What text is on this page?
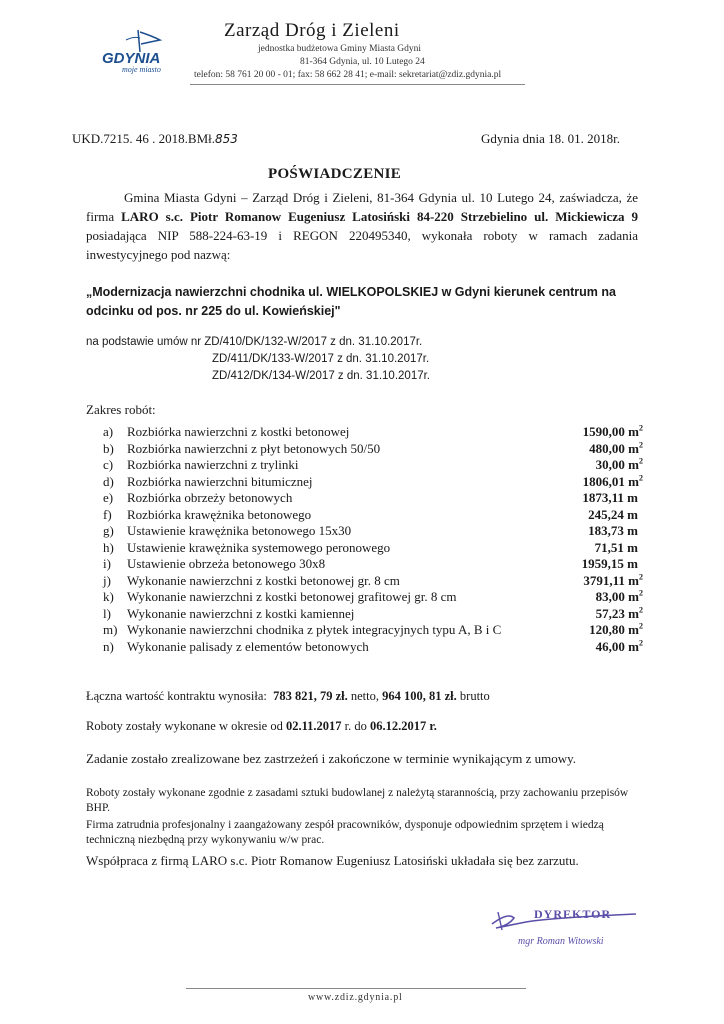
GDYNIA
moje miasto
Zarząd Dróg i Zieleni
jednostka budżetowa Gminy Miasta Gdyni
81-364 Gdynia, ul. 10 Lutego 24
telefon: 58 761 20 00 - 01; fax: 58 662 28 41; e-mail: sekretariat@zdiz.gdynia.pl
UKD.7215. 46 . 2018.BMł.853	Gdynia dnia 18. 01. 2018r.
POŚWIADCZENIE
Gmina Miasta Gdyni – Zarząd Dróg i Zieleni, 81-364 Gdynia ul. 10 Lutego 24, zaświadcza, że firma LARO s.c. Piotr Romanow Eugeniusz Latosiński 84-220 Strzebielino ul. Mickiewicza 9 posiadająca NIP 588-224-63-19 i REGON 220495340, wykonała roboty w ramach zadania inwestycyjnego pod nazwą:
„Modernizacja nawierzchni chodnika ul. WIELKOPOLSKIEJ w Gdyni kierunek centrum na odcinku od pos. nr 225 do ul. Kowieńskiej"
na podstawie umów nr ZD/410/DK/132-W/2017 z dn. 31.10.2017r.
ZD/411/DK/133-W/2017 z dn. 31.10.2017r.
ZD/412/DK/134-W/2017 z dn. 31.10.2017r.
Zakres robót:
a)	Rozbiórka nawierzchni z kostki betonowej	1590,00 $m^2$
b)	Rozbiórka nawierzchni z płyt betonowych 50/50	480,00 $m^2$
c)	Rozbiórka nawierzchni z trylinki	30,00 $m^2$
d)	Rozbiórka nawierzchni bitumicznej	1806,01 $m^2$
e)	Rozbiórka obrzeży betonowych	1873,11 m
f)	Rozbiórka krawężnika betonowego	245,24 m
g)	Ustawienie krawężnika betonowego 15x30	183,73 m
h)	Ustawienie krawężnika systemowego peronowego	71,51 m
i)	Ustawienie obrzeża betonowego 30x8	1959,15 m
j)	Wykonanie nawierzchni z kostki betonowej gr. 8 cm	3791,11 $m^2$
k)	Wykonanie nawierzchni z kostki betonowej grafitowej gr. 8 cm	83,00 $m^2$
l)	Wykonanie nawierzchni z kostki kamiennej	57,23 $m^2$
m) Wykonanie nawierzchni chodnika z płytek integracyjnych typu A, B i C	120,80 $m^2$
n)	Wykonanie palisady z elementów betonowych	46,00 $m^2$
Łączna wartość kontraktu wynosiła: 783 821, 79 zł. netto, 964 100, 81 zł. brutto
Roboty zostały wykonane w okresie od 02.11.2017 r. do 06.12.2017 r.
Zadanie zostało zrealizowane bez zastrzeżeń i zakończone w terminie wynikającym z umowy.
Roboty zostały wykonane zgodnie z zasadami sztuki budowlanej z należytą starannością, przy zachowaniu przepisów BHP.
Firma zatrudnia profesjonalny i zaangażowany zespół pracowników, dysponuje odpowiednim sprzętem i wiedzą techniczną niezbędną przy wykonywaniu w/w prac.
Współpraca z firmą LARO s.c. Piotr Romanow Eugeniusz Latosiński układała się bez zarzutu.
DYREKTOR
mgr Roman Witowski
www.zdiz.gdynia.pl
